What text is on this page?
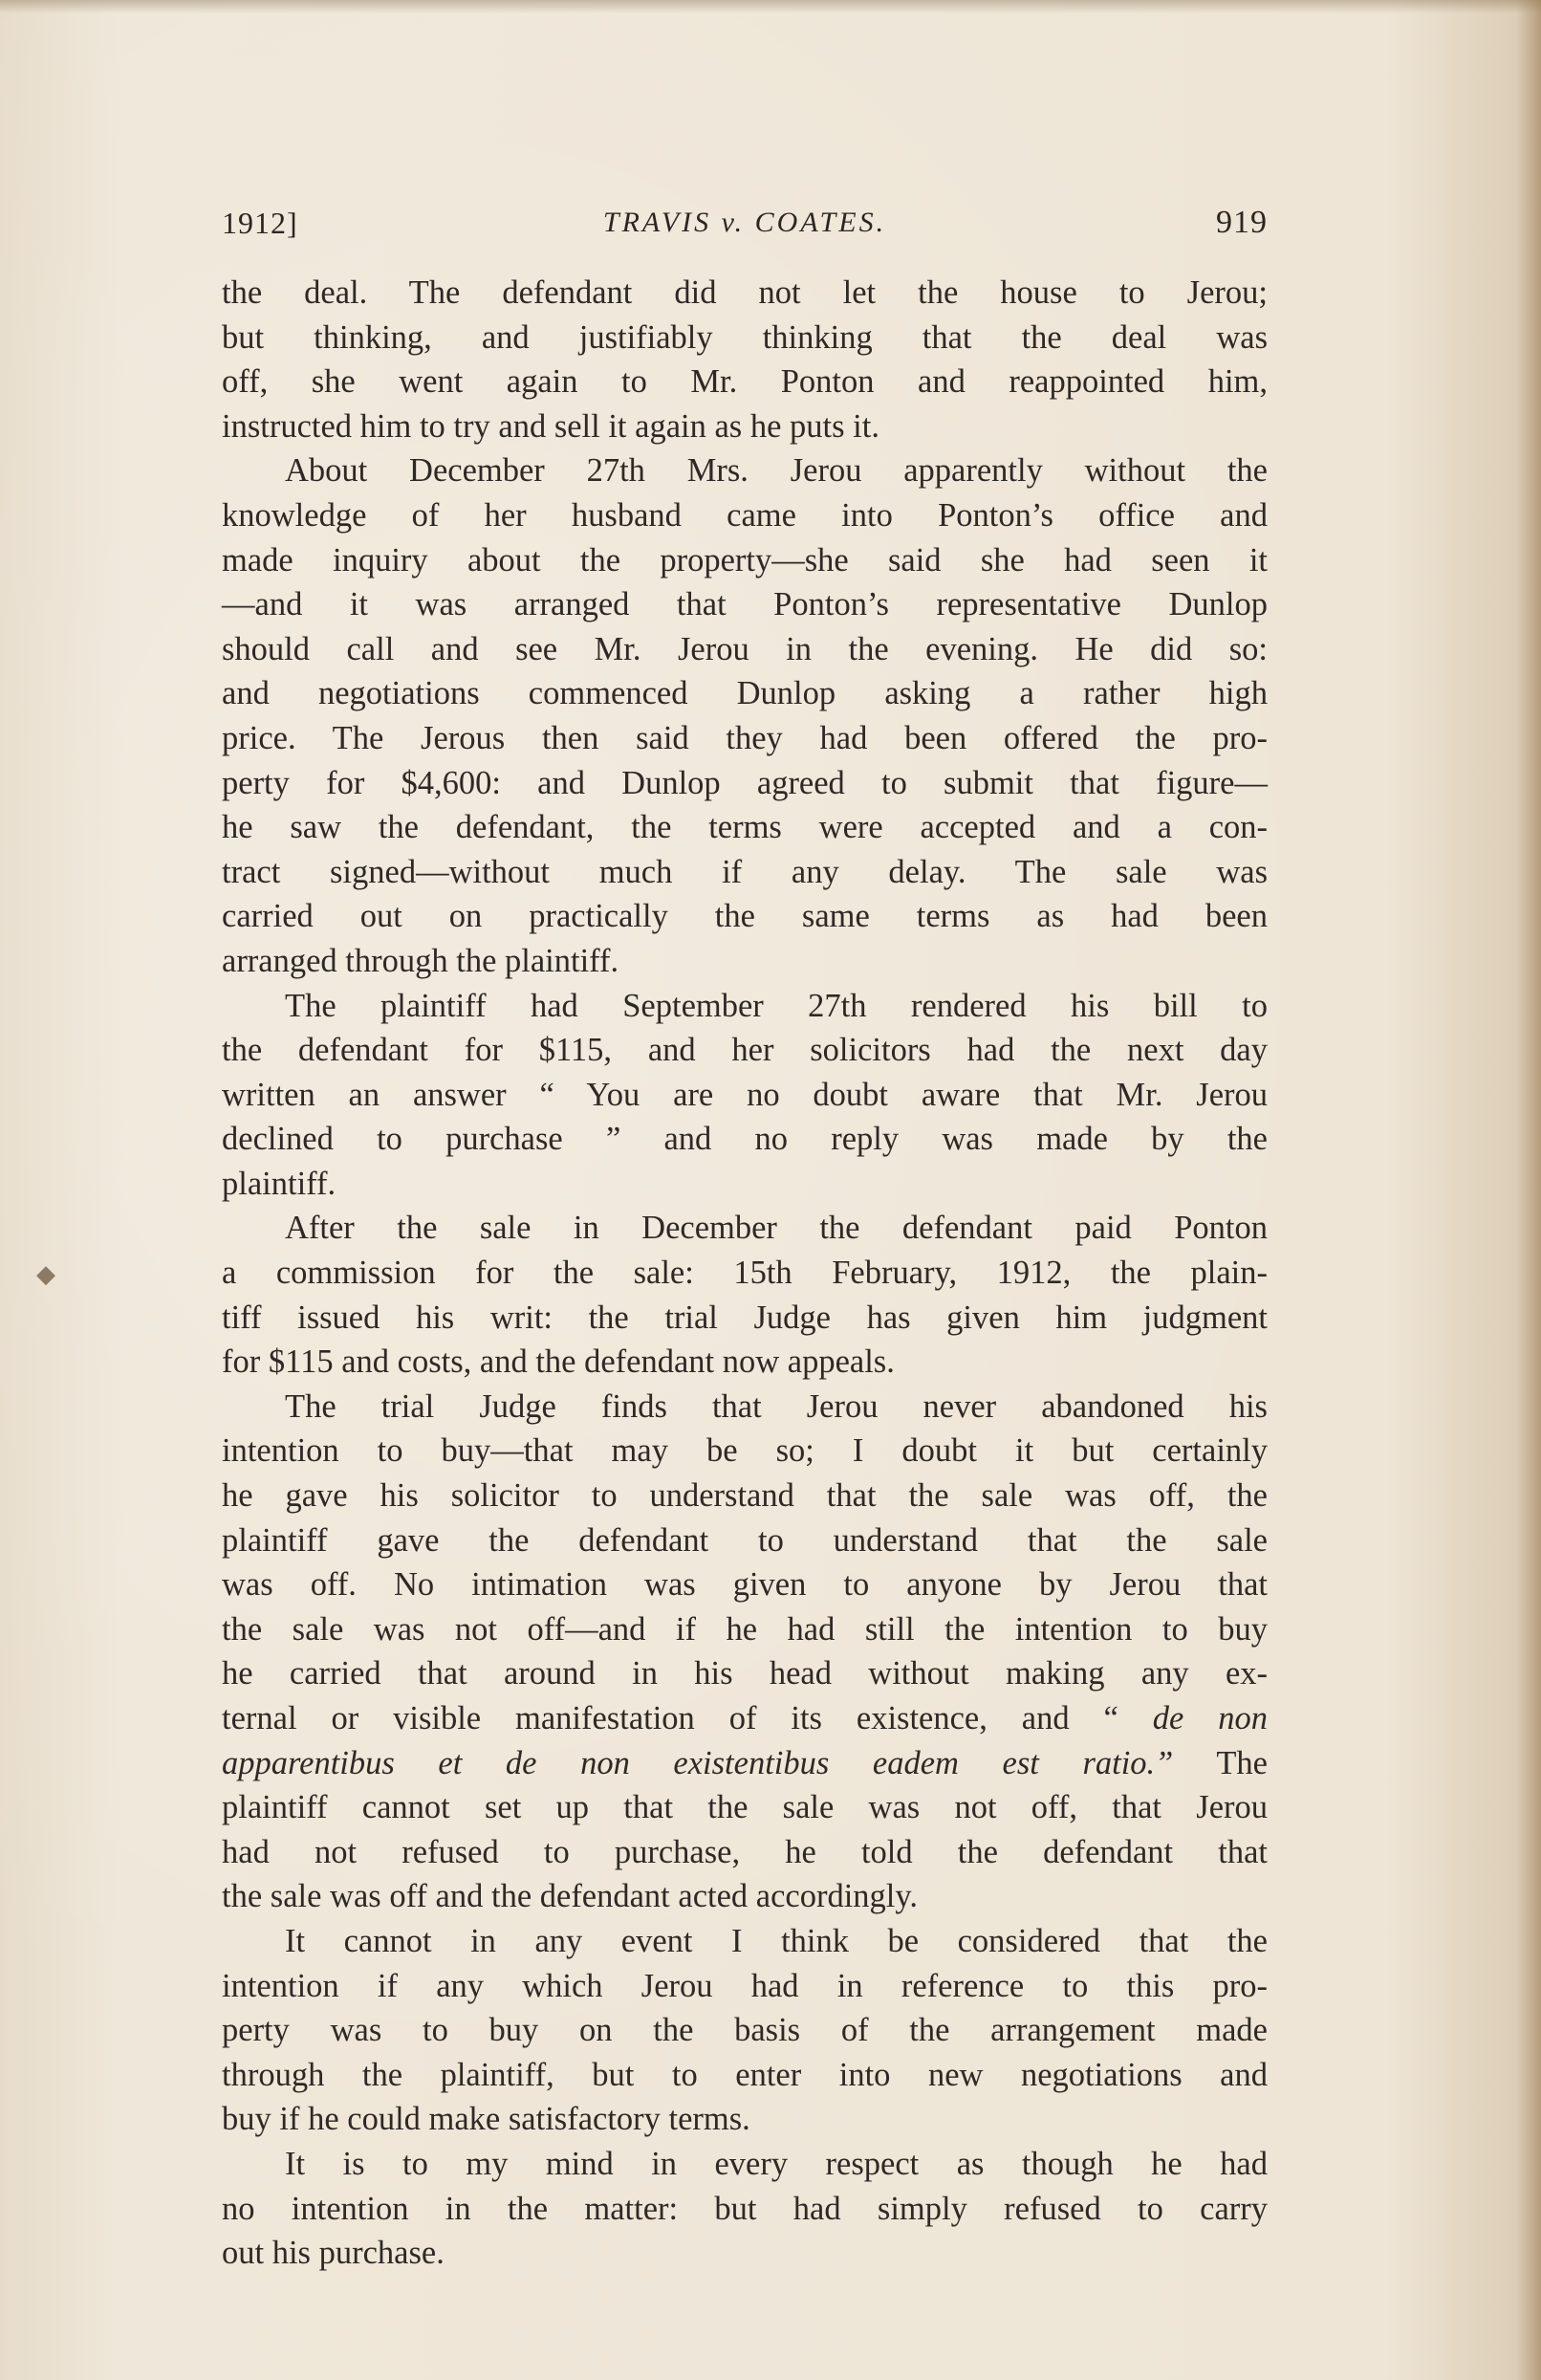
◆
1912]	TRAVIS v. COATES.	919
the deal. The defendant did not let the house to Jerou;
but thinking, and justifiably thinking that the deal was
off, she went again to Mr. Ponton and reappointed him,
instructed him to try and sell it again as he puts it.
About December 27th Mrs. Jerou apparently without the
knowledge of her husband came into Ponton’s office and
made inquiry about the property—she said she had seen it
—and it was arranged that Ponton’s representative Dunlop
should call and see Mr. Jerou in the evening. He did so:
and negotiations commenced Dunlop asking a rather high
price. The Jerous then said they had been offered the pro-
perty for $4,600: and Dunlop agreed to submit that figure—
he saw the defendant, the terms were accepted and a con-
tract signed—without much if any delay. The sale was
carried out on practically the same terms as had been
arranged through the plaintiff.
The plaintiff had September 27th rendered his bill to
the defendant for $115, and her solicitors had the next day
written an answer “ You are no doubt aware that Mr. Jerou
declined to purchase ” and no reply was made by the
plaintiff.
After the sale in December the defendant paid Ponton
a commission for the sale: 15th February, 1912, the plain-
tiff issued his writ: the trial Judge has given him judgment
for $115 and costs, and the defendant now appeals.
The trial Judge finds that Jerou never abandoned his
intention to buy—that may be so; I doubt it but certainly
he gave his solicitor to understand that the sale was off, the
plaintiff gave the defendant to understand that the sale
was off. No intimation was given to anyone by Jerou that
the sale was not off—and if he had still the intention to buy
he carried that around in his head without making any ex-
ternal or visible manifestation of its existence, and “ de non
apparentibus et de non existentibus eadem est ratio.” The
plaintiff cannot set up that the sale was not off, that Jerou
had not refused to purchase, he told the defendant that
the sale was off and the defendant acted accordingly.
It cannot in any event I think be considered that the
intention if any which Jerou had in reference to this pro-
perty was to buy on the basis of the arrangement made
through the plaintiff, but to enter into new negotiations and
buy if he could make satisfactory terms.
It is to my mind in every respect as though he had
no intention in the matter: but had simply refused to carry
out his purchase.
